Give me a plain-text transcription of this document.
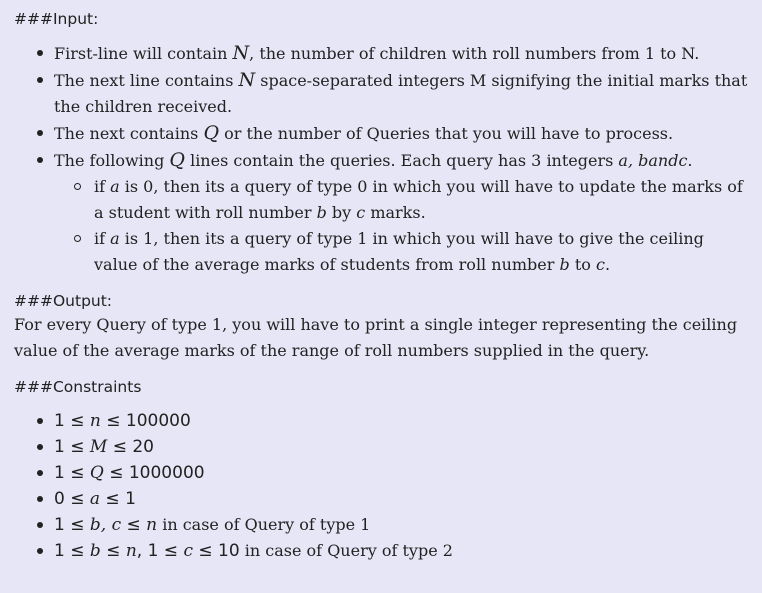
###Input:
First-line will contain N, the number of children with roll numbers from 1 to N.
The next line contains N space-separated integers M signifying the initial marks that the children received.
The next contains Q or the number of Queries that you will have to process.
The following Q lines contain the queries. Each query has 3 integers a, bandc.
if a is 0, then its a query of type 0 in which you will have to update the marks of a student with roll number b by c marks.
if a is 1, then its a query of type 1 in which you will have to give the ceiling value of the average marks of students from roll number b to c.
###Output:

For every Query of type 1, you will have to print a single integer representing the ceiling value of the average marks of the range of roll numbers supplied in the query.

###Constraints
1 ≤ n ≤ 100000
1 ≤ M ≤ 20
1 ≤ Q ≤ 1000000
0 ≤ a ≤ 1
1 ≤ b, c ≤ n in case of Query of type 1
1 ≤ b ≤ n, 1 ≤ c ≤ 10 in case of Query of type 2
